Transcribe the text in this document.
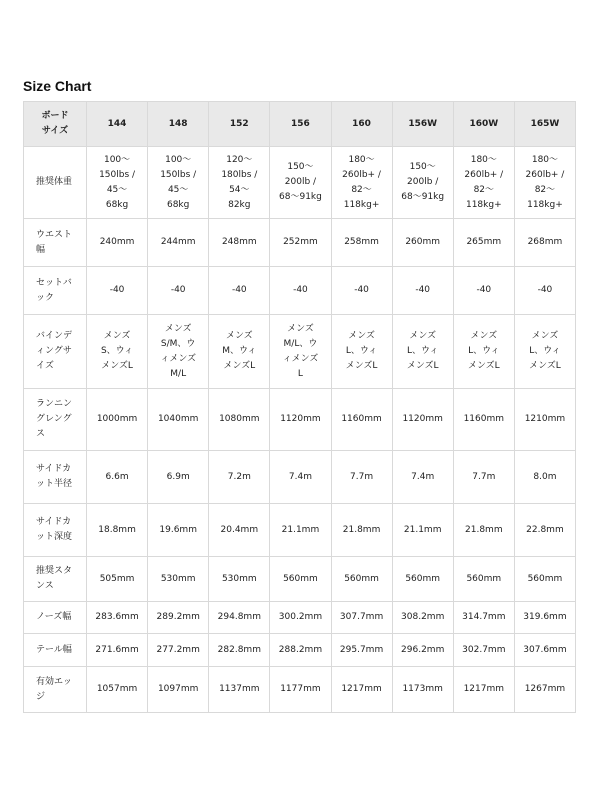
Size Chart
ボード
サイズ	144	148	152	156	160	156W	160W	165W
推奨体重	100〜
150lbs /
45〜
68kg	100〜
150lbs /
45〜
68kg	120〜
180lbs /
54〜
82kg	150〜
200lb /
68〜91kg	180〜
260lb+ /
82〜
118kg+	150〜
200lb /
68〜91kg	180〜
260lb+ /
82〜
118kg+	180〜
260lb+ /
82〜
118kg+
ウエスト
幅	240mm	244mm	248mm	252mm	258mm	260mm	265mm	268mm
セットバ
ック	-40	-40	-40	-40	-40	-40	-40	-40
バインデ
ィングサ
イズ	メンズ
S、ウィ
メンズL	メンズ
S/M、ウ
ィメンズ
M/L	メンズ
M、ウィ
メンズL	メンズ
M/L、ウ
ィメンズ
L	メンズ
L、ウィ
メンズL	メンズ
L、ウィ
メンズL	メンズ
L、ウィ
メンズL	メンズ
L、ウィ
メンズL
ランニン
グレング
ス	1000mm	1040mm	1080mm	1120mm	1160mm	1120mm	1160mm	1210mm
サイドカ
ット半径	6.6m	6.9m	7.2m	7.4m	7.7m	7.4m	7.7m	8.0m
サイドカ
ット深度	18.8mm	19.6mm	20.4mm	21.1mm	21.8mm	21.1mm	21.8mm	22.8mm
推奨スタ
ンス	505mm	530mm	530mm	560mm	560mm	560mm	560mm	560mm
ノーズ幅	283.6mm	289.2mm	294.8mm	300.2mm	307.7mm	308.2mm	314.7mm	319.6mm
テール幅	271.6mm	277.2mm	282.8mm	288.2mm	295.7mm	296.2mm	302.7mm	307.6mm
有効エッ
ジ	1057mm	1097mm	1137mm	1177mm	1217mm	1173mm	1217mm	1267mm
